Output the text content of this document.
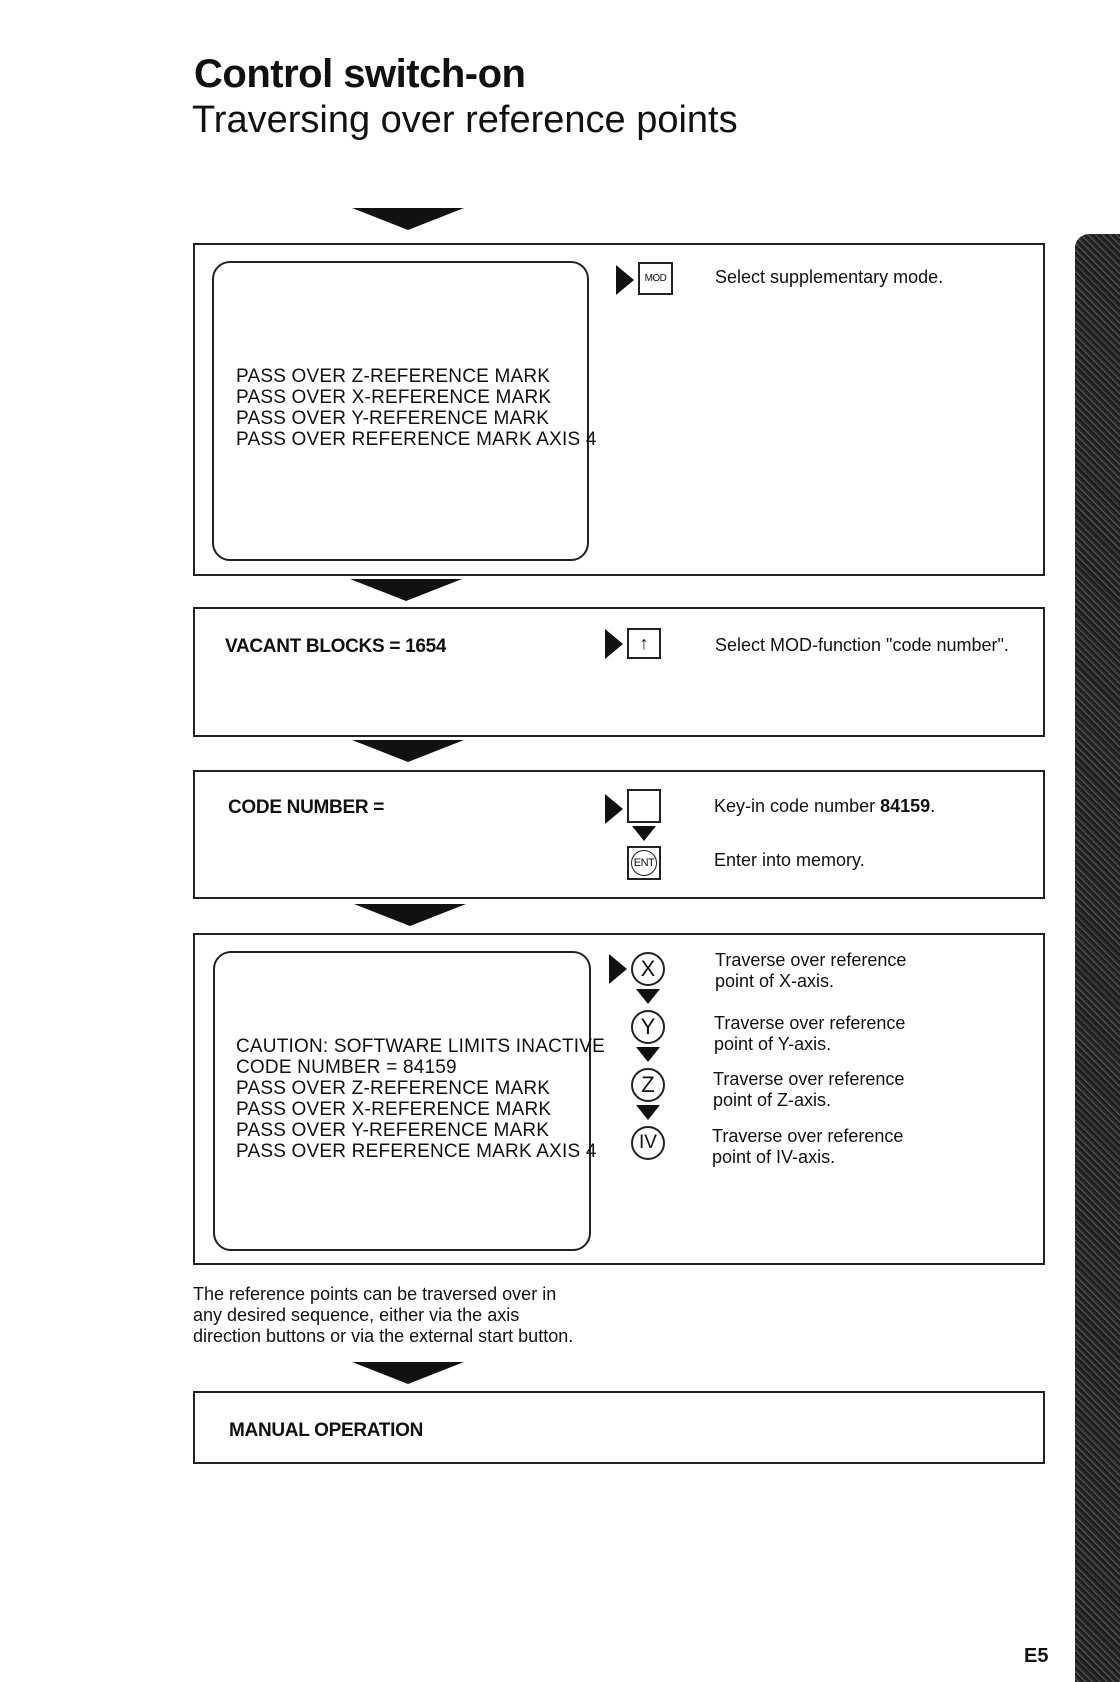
Control switch-on
Traversing over reference points
PASS OVER Z-REFERENCE MARK
PASS OVER X-REFERENCE MARK
PASS OVER Y-REFERENCE MARK
PASS OVER REFERENCE MARK AXIS 4
MOD	Select supplementary mode.
VACANT BLOCKS = 1654	↑	Select MOD-function "code number".
CODE NUMBER =
ENT
Key-in code number 84159.
Enter into memory.
CAUTION: SOFTWARE LIMITS INACTIVE
CODE NUMBER = 84159
PASS OVER Z-REFERENCE MARK
PASS OVER X-REFERENCE MARK
PASS OVER Y-REFERENCE MARK
PASS OVER REFERENCE MARK AXIS 4
X
Y
Z
IV
Traverse over reference
point of X-axis.
Traverse over reference
point of Y-axis.
Traverse over reference
point of Z-axis.
Traverse over reference
point of IV-axis.
The reference points can be traversed over in
any desired sequence, either via the axis
direction buttons or via the external start button.
MANUAL OPERATION
E5
